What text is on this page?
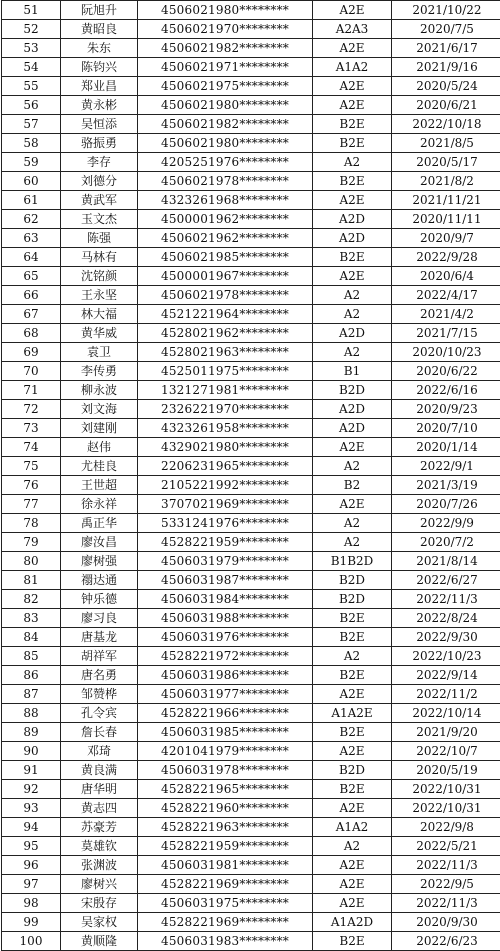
51	阮旭升	4506021980********	A2E	2021/10/22
52	黄昭良	4506021970********	A2A3	2020/7/5
53	朱东	4506021982********	A2E	2021/6/17
54	陈钧兴	4506021971********	A1A2	2021/9/16
55	郑业昌	4506021975********	A2E	2020/5/24
56	黄永彬	4506021980********	A2E	2020/6/21
57	吴恒添	4506021982********	B2E	2022/10/18
58	骆振勇	4506021980********	B2E	2021/8/5
59	李存	4205251976********	A2	2020/5/17
60	刘德分	4506021978********	B2E	2021/8/2
61	黄武军	4323261968********	A2E	2021/11/21
62	玉文杰	4500001962********	A2D	2020/11/11
63	陈强	4506021962********	A2D	2020/9/7
64	马林有	4506021985********	B2E	2022/9/28
65	沈铭颜	4500001967********	A2E	2020/6/4
66	王永坚	4506021978********	A2	2022/4/17
67	林大福	4521221964********	A2	2021/4/2
68	黄华威	4528021962********	A2D	2021/7/15
69	袁卫	4528021963********	A2	2020/10/23
70	李传勇	4525011975********	B1	2020/6/22
71	柳永波	1321271981********	B2D	2022/6/16
72	刘文海	2326221970********	A2D	2020/9/23
73	刘建刚	4323261958********	A2D	2020/7/10
74	赵伟	4329021980********	A2E	2020/1/14
75	尤桂良	2206231965********	A2	2022/9/1
76	王世超	2105221992********	B2	2021/3/19
77	徐永祥	3707021969********	A2E	2020/7/26
78	禹正华	5331241976********	A2	2022/9/9
79	廖汝昌	4528221959********	A2	2020/7/2
80	廖树强	4506031979********	B1B2D	2021/8/14
81	禤达通	4506031987********	B2D	2022/6/27
82	钟乐德	4506031984********	B2D	2022/11/3
83	廖习良	4506031988********	B2E	2022/8/24
84	唐基龙	4506031976********	B2E	2022/9/30
85	胡祥军	4528221972********	A2	2022/10/23
86	唐名勇	4506031986********	B2E	2022/9/14
87	邹赞桦	4506031977********	A2E	2022/11/2
88	孔令宾	4528221966********	A1A2E	2022/10/14
89	詹长春	4506031985********	B2E	2021/9/20
90	邓琦	4201041979********	A2E	2022/10/7
91	黄良满	4506031978********	B2D	2020/5/19
92	唐华明	4528221965********	B2E	2022/10/31
93	黄志四	4528221960********	A2E	2022/10/31
94	苏豪芳	4528221963********	A1A2	2022/9/8
95	莫雄钦	4528221959********	A2	2022/5/21
96	张渊波	4506031981********	A2E	2022/11/3
97	廖树兴	4528221969********	A2E	2022/9/5
98	宋殷存	4506031975********	A2E	2022/11/3
99	吴家权	4528221969********	A1A2D	2020/9/30
100	黄顺隆	4506031983********	B2E	2022/6/23
